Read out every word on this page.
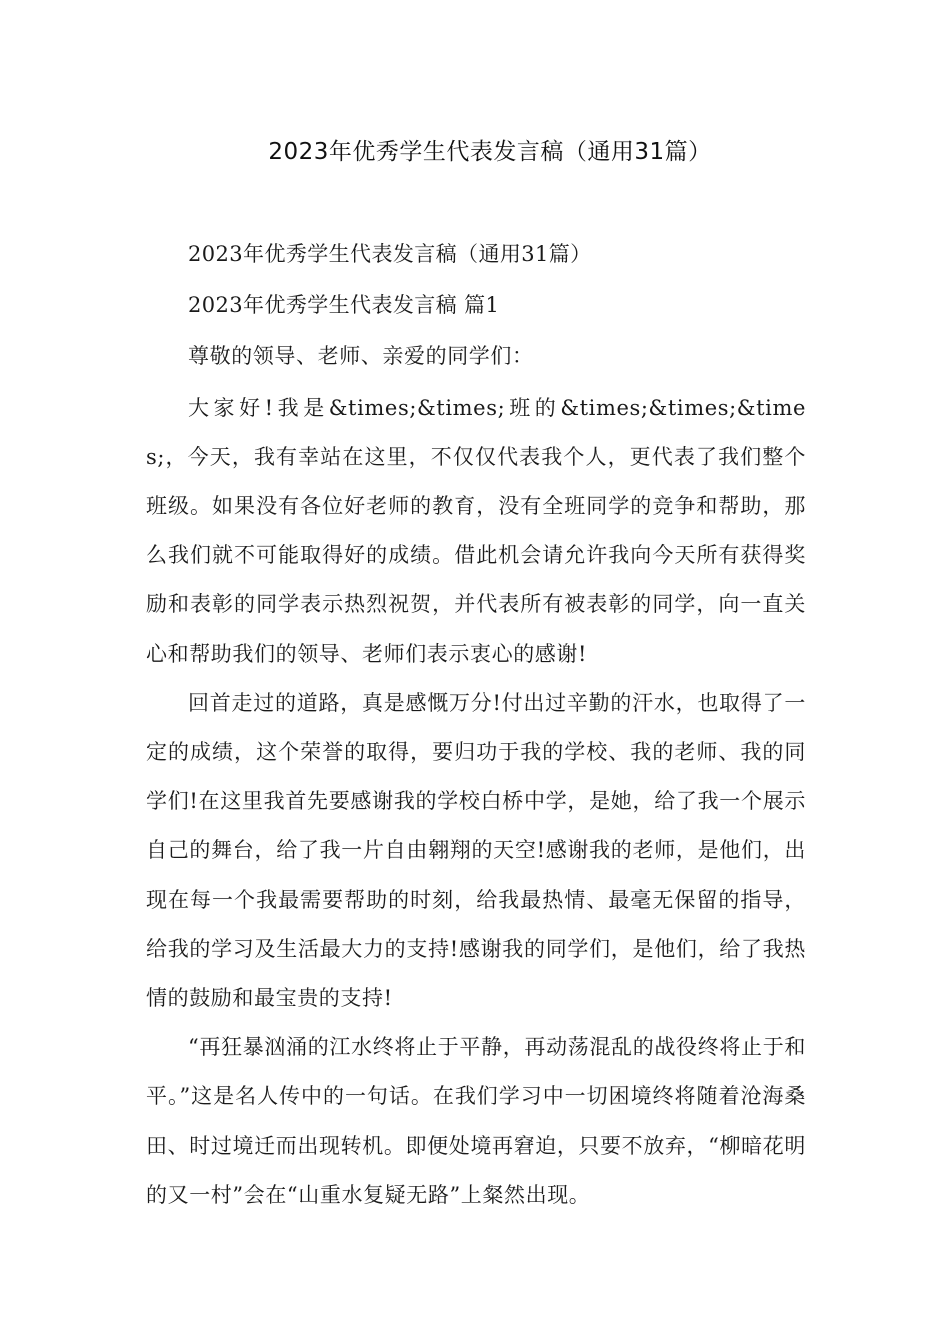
2023年优秀学生代表发言稿（通用31篇）

2023年优秀学生代表发言稿（通用31篇）

2023年优秀学生代表发言稿 篇1

尊敬的领导、老师、亲爱的同学们：

大家好!我是&times;&times;班的&times;&times;&times;，今天，我有幸站在这里，不仅仅代表我个人，更代表了我们整个班级。如果没有各位好老师的教育，没有全班同学的竞争和帮助，那么我们就不可能取得好的成绩。借此机会请允许我向今天所有获得奖励和表彰的同学表示热烈祝贺，并代表所有被表彰的同学，向一直关心和帮助我们的领导、老师们表示衷心的感谢!

回首走过的道路，真是感慨万分!付出过辛勤的汗水，也取得了一定的成绩，这个荣誉的取得，要归功于我的学校、我的老师、我的同学们!在这里我首先要感谢我的学校白桥中学，是她，给了我一个展示自己的舞台，给了我一片自由翱翔的天空!感谢我的老师，是他们，出现在每一个我最需要帮助的时刻，给我最热情、最毫无保留的指导，给我的学习及生活最大力的支持!感谢我的同学们，是他们，给了我热情的鼓励和最宝贵的支持!

“再狂暴汹涌的江水终将止于平静，再动荡混乱的战役终将止于和平。”这是名人传中的一句话。在我们学习中一切困境终将随着沧海桑田、时过境迁而出现转机。即便处境再窘迫，只要不放弃，“柳暗花明的又一村”会在“山重水复疑无路”上粲然出现。
